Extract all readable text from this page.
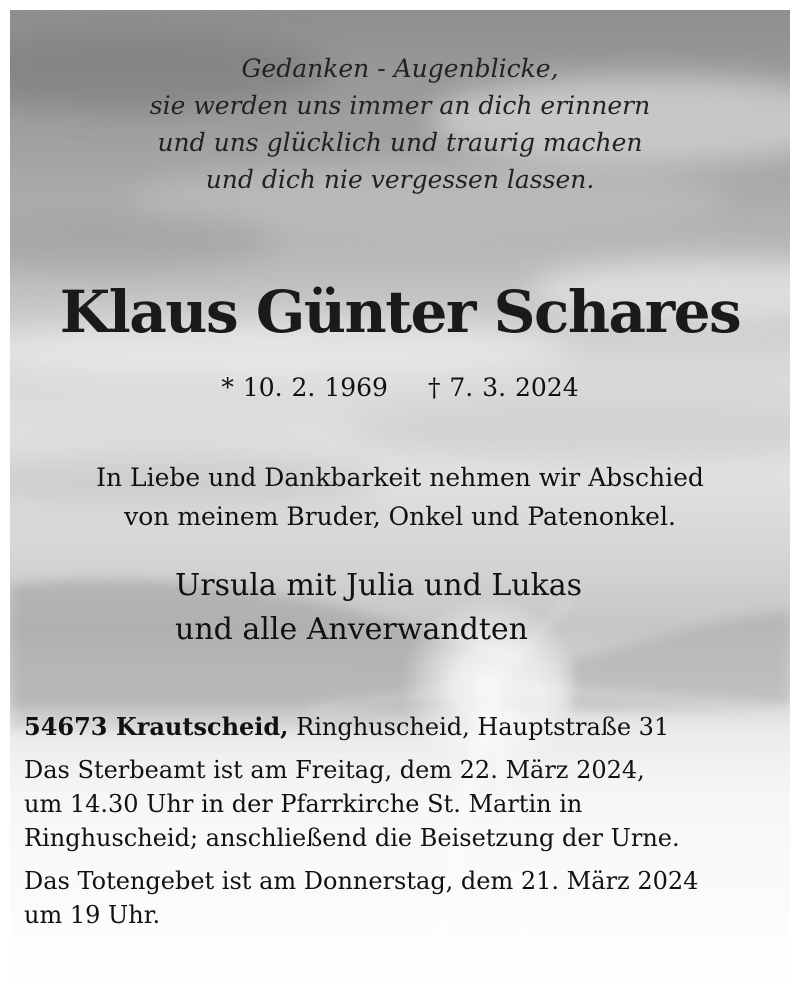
Gedanken - Augenblicke,
sie werden uns immer an dich erinnern
und uns glücklich und traurig machen
und dich nie vergessen lassen.
Klaus Günter Schares
* 10. 2. 1969 † 7. 3. 2024
In Liebe und Dankbarkeit nehmen wir Abschied
von meinem Bruder, Onkel und Patenonkel.
Ursula mit Julia und Lukas
und alle Anverwandten
54673 Krautscheid, Ringhuscheid, Hauptstraße 31
Das Sterbeamt ist am Freitag, dem 22. März 2024,
um 14.30 Uhr in der Pfarrkirche St. Martin in
Ringhuscheid; anschließend die Beisetzung der Urne.
Das Totengebet ist am Donnerstag, dem 21. März 2024
um 19 Uhr.
